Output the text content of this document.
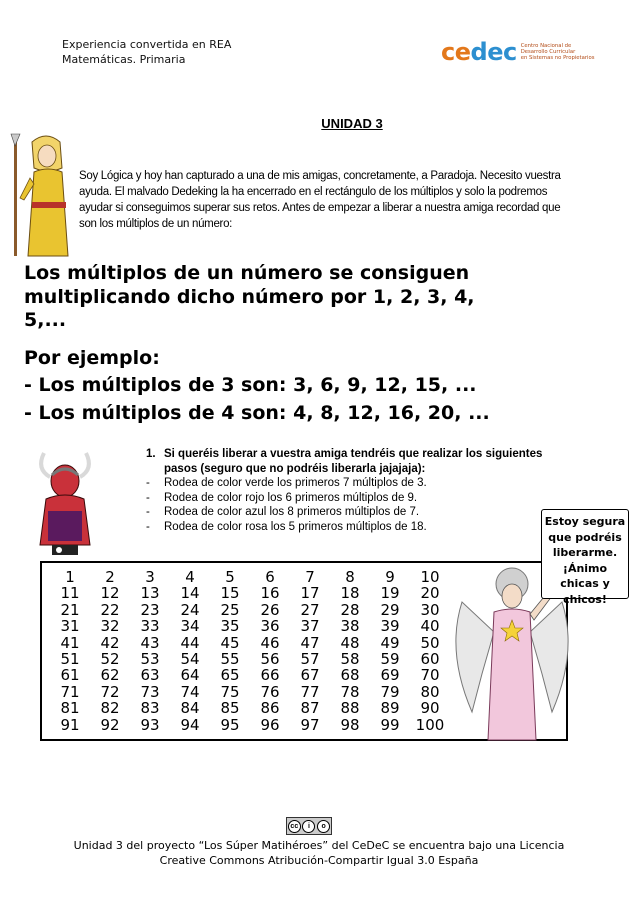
Experiencia convertida en REA
Matemáticas. Primaria	cedec Centro Nacional de
Desarrollo Curricular
en Sistemas no Propietarios
UNIDAD 3
Soy Lógica y hoy han capturado a una de mis amigas, concretamente, a Paradoja. Necesito vuestra ayuda. El malvado Dedeking la ha encerrado en el rectángulo de los múltiplos y solo la podremos ayudar si conseguimos superar sus retos. Antes de empezar a liberar a nuestra amiga recordad que son los múltiplos de un número:
Los múltiplos de un número se consiguen
multiplicando dicho número por 1, 2, 3, 4,
5,...
Por ejemplo:
- Los múltiplos de 3 son: 3, 6, 9, 12, 15, ...
- Los múltiplos de 4 son: 4, 8, 12, 16, 20, ...
1. Si queréis liberar a vuestra amiga tendréis que realizar los siguientes pasos (seguro que no podréis liberarla jajajaja):
-	Rodea de color verde los primeros 7 múltiplos de 3.
-	Rodea de color rojo los 6 primeros múltiplos de 9.
-	Rodea de color azul los 8 primeros múltiplos de 7.
-	Rodea de color rosa los 5 primeros múltiplos de 18.
1	2	3	4	5	6	7	8	9	10
11	12	13	14	15	16	17	18	19	20
21	22	23	24	25	26	27	28	29	30
31	32	33	34	35	36	37	38	39	40
41	42	43	44	45	46	47	48	49	50
51	52	53	54	55	56	57	58	59	60
61	62	63	64	65	66	67	68	69	70
71	72	73	74	75	76	77	78	79	80
81	82	83	84	85	86	87	88	89	90
91	92	93	94	95	96	97	98	99	100
Estoy segura
que podréis
liberarme.
¡Ánimo
chicas y
chicos!
cc	i	o
Unidad 3 del proyecto “Los Súper Matihéroes” del CeDeC se encuentra bajo una Licencia
Creative Commons Atribución-Compartir Igual 3.0 España
